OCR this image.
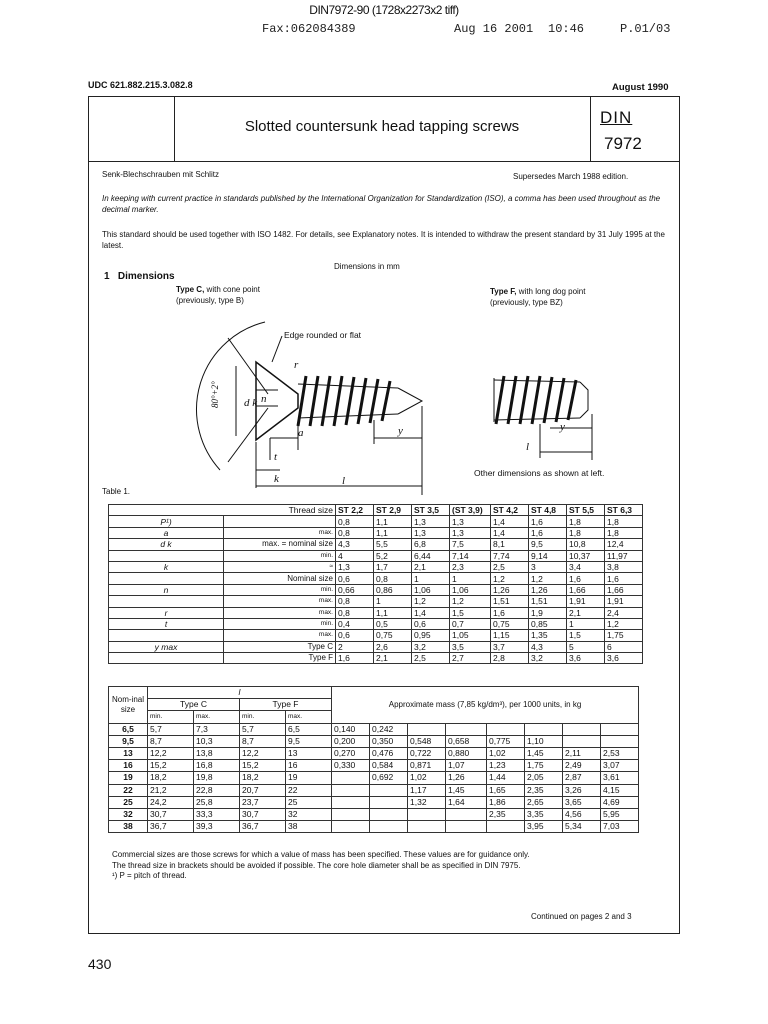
DIN7972-90 (1728x2273x2 tiff)
Fax:062084389	Aug 16 2001 10:46	P.01/03
UDC 621.882.215.3.082.8	August 1990
Slotted countersunk head tapping screws	DIN
7972
Senk-Blechschrauben mit Schlitz	Supersedes March 1988 edition.
In keeping with current practice in standards published by the International Organization for Standardization (ISO), a comma has been used throughout as the decimal marker.
This standard should be used together with ISO 1482. For details, see Explanatory notes. It is intended to withdraw the present standard by 31 July 1995 at the latest.
Dimensions in mm
1   Dimensions
Type C, with cone point
(previously, type B)
Type F, with long dog point
(previously, type BZ)
80°+2° d k n
r
a	y
t
k	l
y
l
Edge rounded or flat
Other dimensions as shown at left.
Table 1.
Thread size		ST 2,2	ST 2,9	ST 3,5	(ST 3,9)	ST 4,2	ST 4,8	ST 5,5	ST 6,3
P¹)		0,8	1,1	1,3	1,3	1,4	1,6	1,8	1,8
a	max.	0,8	1,1	1,3	1,3	1,4	1,6	1,8	1,8
d k	max. = nominal size	4,3	5,5	6,8	7,5	8,1	9,5	10,8	12,4
	min.	4	5,2	6,44	7,14	7,74	9,14	10,37	11,97
k	≈	1,3	1,7	2,1	2,3	2,5	3	3,4	3,8
	Nominal size	0,6	0,8	1	1	1,2	1,2	1,6	1,6
n	min.	0,66	0,86	1,06	1,06	1,26	1,26	1,66	1,66
	max.	0,8	1	1,2	1,2	1,51	1,51	1,91	1,91
r	max.	0,8	1,1	1,4	1,5	1,6	1,9	2,1	2,4
t	min.	0,4	0,5	0,6	0,7	0,75	0,85	1	1,2
	max.	0,6	0,75	0,95	1,05	1,15	1,35	1,5	1,75
y max	Type C	2	2,6	3,2	3,5	3,7	4,3	5	6
	Type F	1,6	2,1	2,5	2,7	2,8	3,2	3,6	3,6
Nom-inal size	l				Approximate mass (7,85 kg/dm³), per 1000 units, in kg							
	Type C		Type F									
	min.	max.	min.	max.								
6,5	5,7	7,3	5,7	6,5	0,140	0,242						
9,5	8,7	10,3	8,7	9,5	0,200	0,350	0,548	0,658	0,775	1,10		
13	12,2	13,8	12,2	13	0,270	0,476	0,722	0,880	1,02	1,45	2,11	2,53
16	15,2	16,8	15,2	16	0,330	0,584	0,871	1,07	1,23	1,75	2,49	3,07
19	18,2	19,8	18,2	19		0,692	1,02	1,26	1,44	2,05	2,87	3,61
22	21,2	22,8	20,7	22			1,17	1,45	1,65	2,35	3,26	4,15
25	24,2	25,8	23,7	25			1,32	1,64	1,86	2,65	3,65	4,69
32	30,7	33,3	30,7	32					2,35	3,35	4,56	5,95
38	36,7	39,3	36,7	38						3,95	5,34	7,03
Commercial sizes are those screws for which a value of mass has been specified. These values are for guidance only.
The thread size in brackets should be avoided if possible. The core hole diameter shall be as specified in DIN 7975.
¹) P = pitch of thread.
Continued on pages 2 and 3
430
